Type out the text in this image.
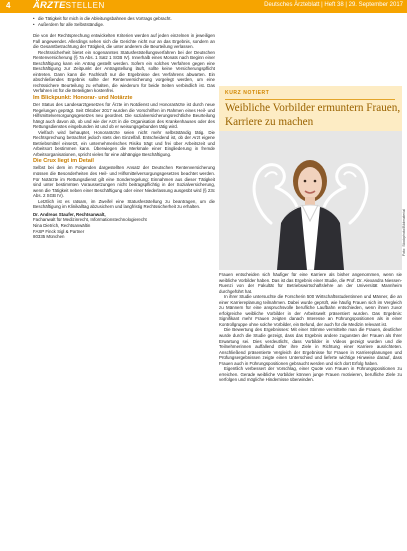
4 ÄRZTESTELLEN	Deutsches Ärzteblatt | Heft 38 | 29. September 2017
• die Tätigkeit für mich in die Ableitungsbahnen des Vortrags gebracht.
• Außerdem für alle Selbstständige.

Die von der Rechtsprechung entwickelten Kriterien werden auf jeden einzelnen in jeweiligen Fall angewendet. Allerdings sehen sich die Gerichte nicht nur an das Ergebnis, sondern an die Gesamtbetrachtung der Tätigkeit, die unter anderem die Beurteilung verlassen.

Rechtssicherheit bietet ein sogenanntes Statusfeststellungsverfahren bei der Deutschen Rentenversicherung (§ 7a Abs. 1 Satz 1 SGB IV). Innerhalb eines Monats nach Beginn einer Beschäftigung kann ein Antrag gestellt werden. Sofern ein solches Verfahren gegen eine Beschäftigung zur Zeitpunkt der Antragstellung läuft, sollte keine Versicherungspflicht eintreten. Dann kann die Fachkraft nur die Ergebnisse des Verfahrens abwarten. Ein abschließendes Ergebnis sollte der Rentenversicherung vorgelegt werden, um eine rechtssichere Beurteilung zu erhalten, die wiederum für beide Seiten verbindlich ist. Das Verfahren ist für die Beteiligten kostenfrei.

Im Blickpunkt: Honorar- und Notärzte

Der Status des Landesarztgesetzes für Ärzte im Notdienst und Honorarärzte ist durch neue Regelungen geprägt. Seit Oktober 2017 wurden die Vorschriften im Rahmen eines Heil- und Hilfsmittelversorgungsgesetzes neu geordnet. Die sozialversicherungsrechtliche Beurteilung hängt auch davon ab, ob und wie der Arzt in die Organisation des Krankenhauses oder des Rettungsdienstes eingebunden ist und ob er weisungsgebunden tätig wird.

Vielfach wird behauptet, Honorarärzte seien nicht mehr selbstständig tätig. Die Rechtsprechung betrachtet jedoch stets den Einzelfall. Entscheidend ist, ob der Arzt eigene Betriebsmittel einsetzt, ein unternehmerisches Risiko trägt und frei über Arbeitszeit und Arbeitsort bestimmen kann. Überwiegen die Merkmale einer Eingliederung in fremde Arbeitsorganisationen, spricht vieles für eine abhängige Beschäftigung.

Die Crux liegt im Detail

Selbst bei dem im Folgenden dargestellten Ansatz der Deutschen Rentenversicherung müssen die Besonderheiten des Heil- und Hilfsmittelversorgungsgesetzes beachtet werden. Für Notärzte im Rettungsdienst gilt eine Sonderregelung: Einnahmen aus dieser Tätigkeit sind unter bestimmten Voraussetzungen nicht beitragspflichtig in der Sozialversicherung, wenn die Tätigkeit neben einer Beschäftigung oder einer Niederlassung ausgeübt wird (§ 23c Abs. 2 SGB IV).

Letztlich ist es ratsam, im Zweifel eine Statusfeststellung zu beantragen, um die Beschäftigung im Klinikalltag abzusichern und langfristig Rechtssicherheit zu erhalten.

Dr. Andreas Staufer, Rechtsanwalt,
Fachanwalt für Medizinrecht, Informationstechnologierecht
Nina Dietrich, Rechtsanwältin
FASP Finck Sigl & Partner
80335 München
KURZ NOTIERT
Weibliche Vorbilder ermuntern Frauen, Karriere zu machen
Foto: Stockphoto/Bildmaterial

Frauen entscheiden sich häufiger für eine Karriere als bisher angenommen, wenn sie weibliche Vorbilder haben. Das ist das Ergebnis einer Studie, die Prof. Dr. Alexandra Niessen-Ruenzi von der Fakultät für Betriebswirtschaftslehre an der Universität Mannheim durchgeführt hat.

In ihrer Studie untersuchte die Forscherin 500 Wirtschaftsstudentinnen und Männer, die an einer Karriereplanung teilnahmen. Dabei wurde geprüft, wie häufig Frauen sich im Vergleich zu Männern für eine anspruchsvolle berufliche Laufbahn entschieden, wenn ihnen zuvor erfolgreiche weibliche Vorbilder in der Arbeitswelt präsentiert wurden. Das Ergebnis: Signifikant mehr Frauen zeigten danach Interesse an Führungspositionen als in einer Kontrollgruppe ohne solche Vorbilder, ein Befund, der auch für die Medizin relevant ist.

Die Bewertung des Ergebnisses: Mit einer Stimme vermittelte man die Frauen, deutlicher wurde durch die Studie gezeigt, dass das Ergebnis andere zugunsten der Frauen als Ihrer Erwartung sei. Dies verdeutlicht, dass Vorbilder in Videos gezeigt wurden und die Teilnehmerinnen auffallend öfter ihre Ziele in Richtung einer Karriere ausrichteten. Anschließend präsentierte Vergleich der Ergebnisse für Frauen in Karriereplanungen und Prüfungsergebnissen zeigte einen Unterschied und lieferte wichtige Hinweise darauf, dass Frauen auch in Führungspositionen gebraucht werden und sich dort Erfolg haben.

Eigentlich verbessert der Vorschlag, einer Quote von Frauen in Führungspositionen zu erreichen. Gerade weibliche Vorbilder können junge Frauen motivieren, berufliche Ziele zu verfolgen und mögliche Hindernisse überwinden.
